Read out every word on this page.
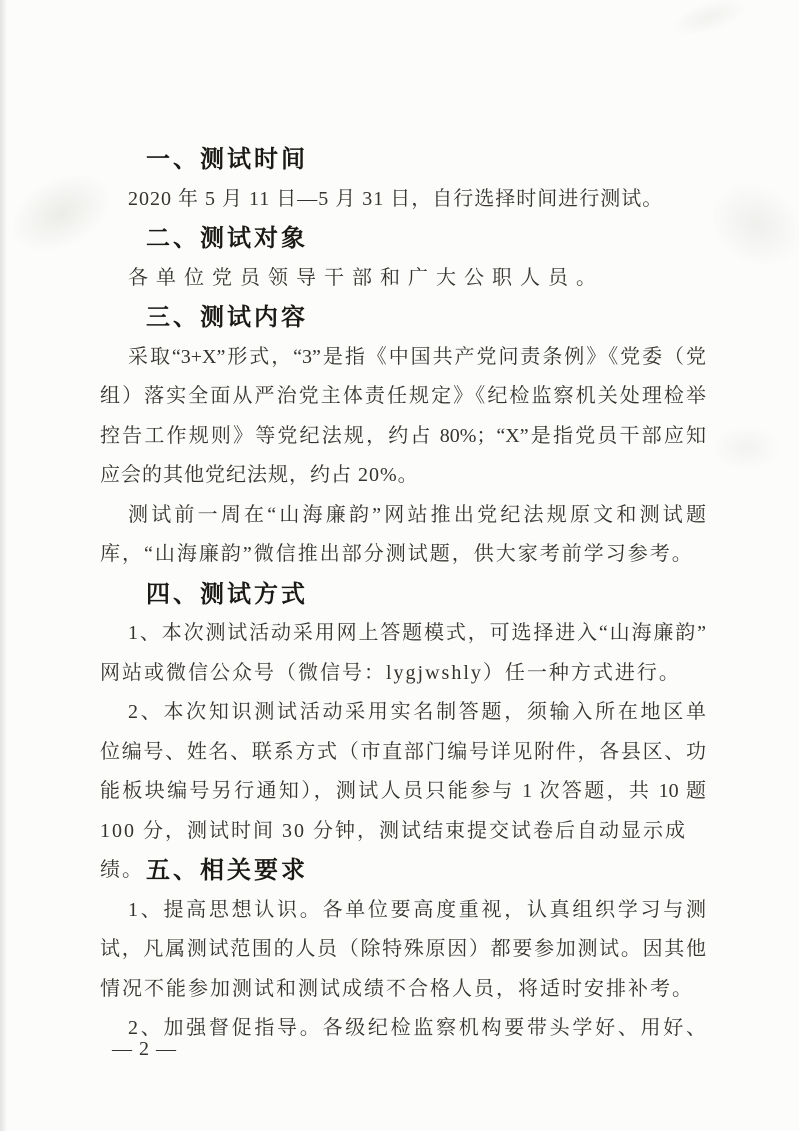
一、测试时间

2020 年 5 月 11 日—5 月 31 日，自行选择时间进行测试。

二、测试对象

各单位党员领导干部和广大公职人员。

三、测试内容

采取“3+X”形式，“3”是指《中国共产党问责条例》《党委（党

组）落实全面从严治党主体责任规定》《纪检监察机关处理检举

控告工作规则》等党纪法规，约占 80%；“X”是指党员干部应知

应会的其他党纪法规，约占 20%。

测试前一周在“山海廉韵”网站推出党纪法规原文和测试题

库，“山海廉韵”微信推出部分测试题，供大家考前学习参考。

四、测试方式

1、本次测试活动采用网上答题模式，可选择进入“山海廉韵”

网站或微信公众号（微信号：lygjwshly）任一种方式进行。

2、本次知识测试活动采用实名制答题，须输入所在地区单

位编号、姓名、联系方式（市直部门编号详见附件，各县区、功

能板块编号另行通知），测试人员只能参与 1 次答题，共 10 题

100 分，测试时间 30 分钟，测试结束提交试卷后自动显示成绩。 五、相关要求

1、提高思想认识。各单位要高度重视，认真组织学习与测

试，凡属测试范围的人员（除特殊原因）都要参加测试。因其他

情况不能参加测试和测试成绩不合格人员，将适时安排补考。

2、加强督促指导。各级纪检监察机构要带头学好、用好、

— 2 —
